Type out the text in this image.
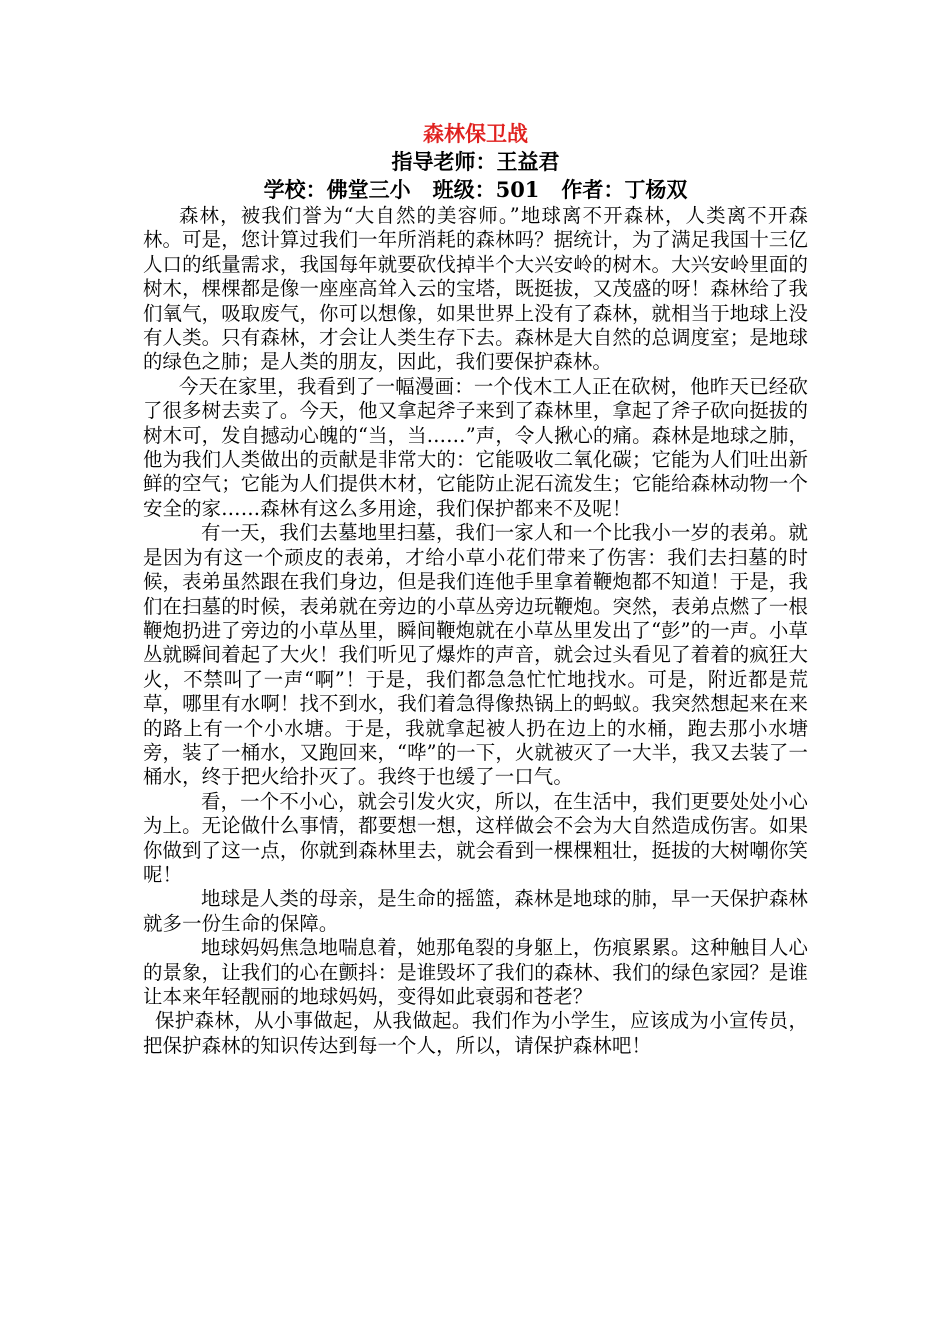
森林保卫战
指导老师：王益君
学校：佛堂三小 班级：501 作者：丁杨双

森林，被我们誉为“大自然的美容师。”地球离不开森林，人类离不开森林。可是，您计算过我们一年所消耗的森林吗？据统计，为了满足我国十三亿人口的纸量需求，我国每年就要砍伐掉半个大兴安岭的树木。大兴安岭里面的树木，棵棵都是像一座座高耸入云的宝塔，既挺拔，又茂盛的呀！森林给了我们氧气，吸取废气，你可以想像，如果世界上没有了森林，就相当于地球上没有人类。只有森林，才会让人类生存下去。森林是大自然的总调度室；是地球的绿色之肺；是人类的朋友，因此，我们要保护森林。

今天在家里，我看到了一幅漫画：一个伐木工人正在砍树，他昨天已经砍了很多树去卖了。今天，他又拿起斧子来到了森林里，拿起了斧子砍向挺拔的树木可，发自撼动心魄的“当，当……”声，令人揪心的痛。森林是地球之肺，他为我们人类做出的贡献是非常大的：它能吸收二氧化碳；它能为人们吐出新鲜的空气；它能为人们提供木材，它能防止泥石流发生；它能给森林动物一个安全的家……森林有这么多用途，我们保护都来不及呢！

有一天，我们去墓地里扫墓，我们一家人和一个比我小一岁的表弟。就是因为有这一个顽皮的表弟，才给小草小花们带来了伤害：我们去扫墓的时候，表弟虽然跟在我们身边，但是我们连他手里拿着鞭炮都不知道！于是，我们在扫墓的时候，表弟就在旁边的小草丛旁边玩鞭炮。突然，表弟点燃了一根鞭炮扔进了旁边的小草丛里，瞬间鞭炮就在小草丛里发出了“彭”的一声。小草丛就瞬间着起了大火！我们听见了爆炸的声音，就会过头看见了着着的疯狂大火，不禁叫了一声“啊”！于是，我们都急急忙忙地找水。可是，附近都是荒草，哪里有水啊！找不到水，我们着急得像热锅上的蚂蚁。我突然想起来在来的路上有一个小水塘。于是，我就拿起被人扔在边上的水桶，跑去那小水塘旁，装了一桶水，又跑回来，“哗”的一下，火就被灭了一大半，我又去装了一桶水，终于把火给扑灭了。我终于也缓了一口气。

看，一个不小心，就会引发火灾，所以，在生活中，我们更要处处小心为上。无论做什么事情，都要想一想，这样做会不会为大自然造成伤害。如果你做到了这一点，你就到森林里去，就会看到一棵棵粗壮，挺拔的大树嘲你笑呢！

地球是人类的母亲，是生命的摇篮，森林是地球的肺，早一天保护森林就多一份生命的保障。

地球妈妈焦急地喘息着，她那龟裂的身躯上，伤痕累累。这种触目人心的景象，让我们的心在颤抖：是谁毁坏了我们的森林、我们的绿色家园？是谁让本来年轻靓丽的地球妈妈，变得如此衰弱和苍老？

保护森林，从小事做起，从我做起。我们作为小学生，应该成为小宣传员，把保护森林的知识传达到每一个人，所以，请保护森林吧！
